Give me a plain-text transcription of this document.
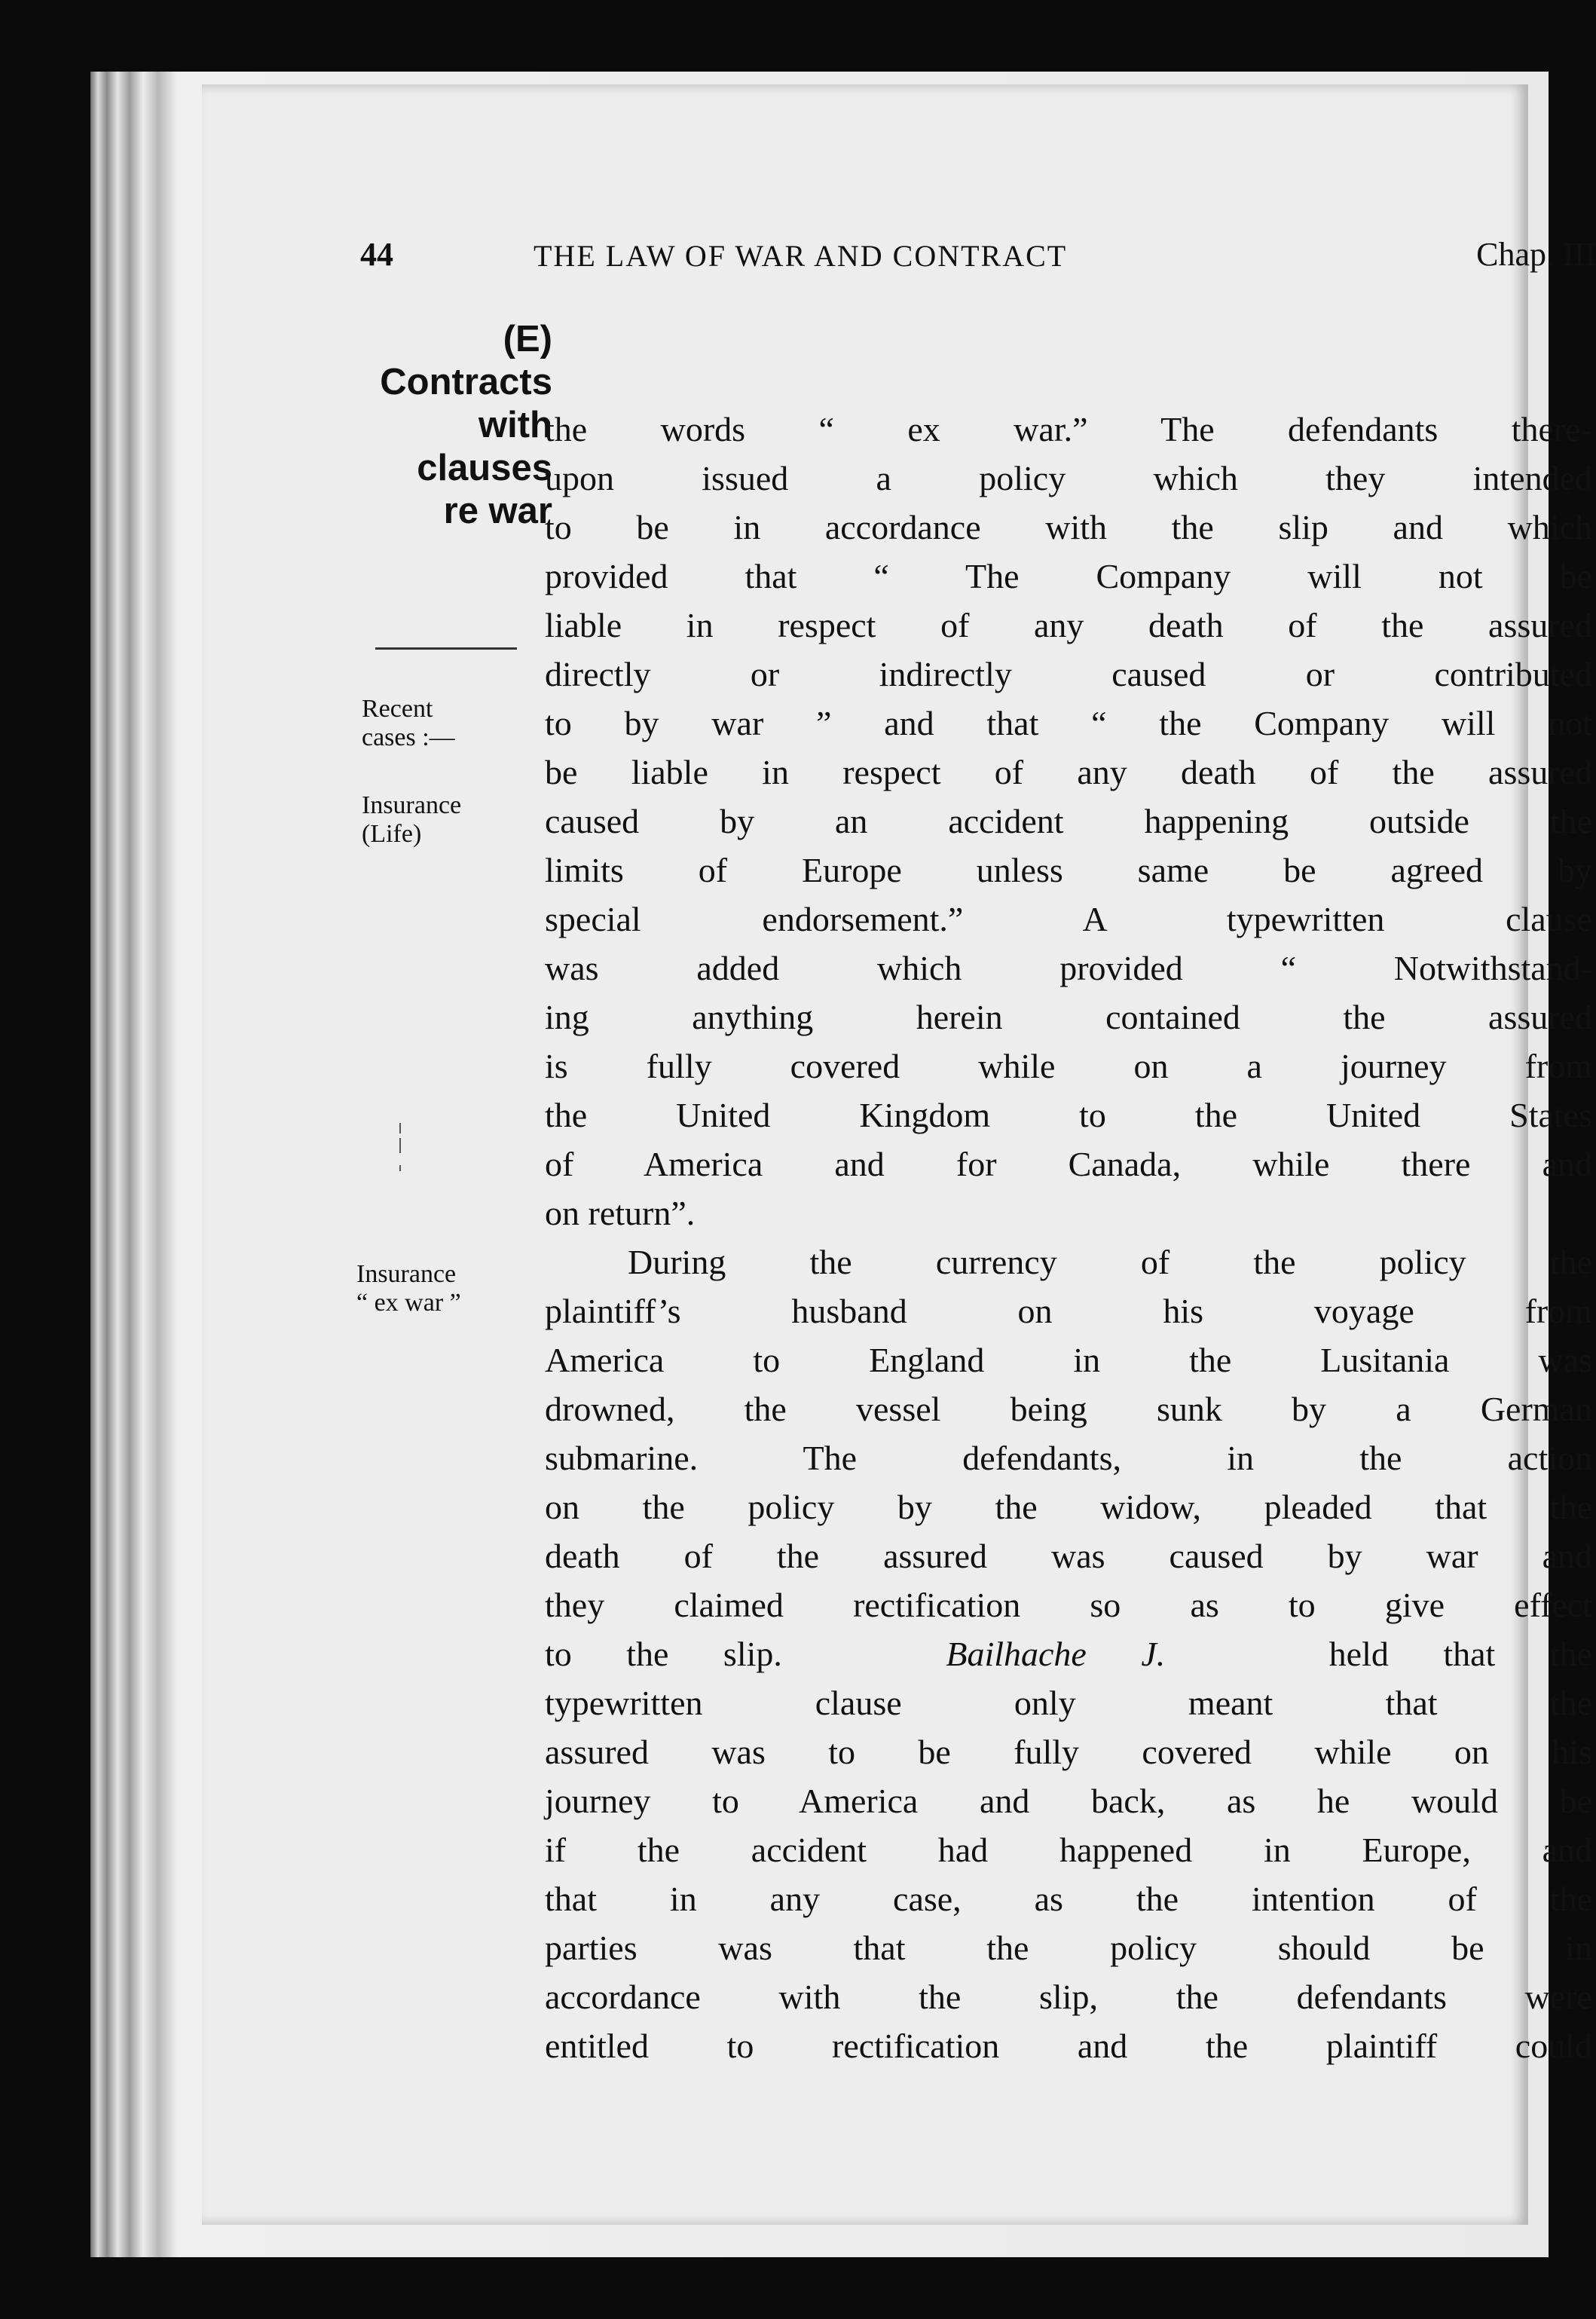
44	THE LAW OF WAR AND CONTRACT	Chap. III
(E)
Contracts
with
clauses
re war
Recent
cases :—
Insurance
(Life)
Insurance
“ ex war ”
the words “ ex war.” The defendants there-
upon issued a policy which they intended
to be in accordance with the slip and which
provided that “ The Company will not be
liable in respect of any death of the assured
directly or indirectly caused or contributed
to by war ” and that “ the Company will not
be liable in respect of any death of the assured
caused by an accident happening outside the
limits of Europe unless same be agreed by
special endorsement.” A typewritten clause
was added which provided “ Notwithstand-
ing anything herein contained the assured
is fully covered while on a journey from
the United Kingdom to the United States
of America and for Canada, while there and
on return”.
During the currency of the policy the
plaintiff’s husband on his voyage from
America to England in the Lusitania was
drowned, the vessel being sunk by a German
submarine. The defendants, in the action
on the policy by the widow, pleaded that the
death of the assured was caused by war and
they claimed rectification so as to give effect
to the slip.	Bailhache J.	held that the
typewritten clause only meant that the
assured was to be fully covered while on his
journey to America and back, as he would be
if the accident had happened in Europe, and
that in any case, as the intention of the
parties was that the policy should be in
accordance with the slip, the defendants were
entitled to rectification and the plaintiff could
